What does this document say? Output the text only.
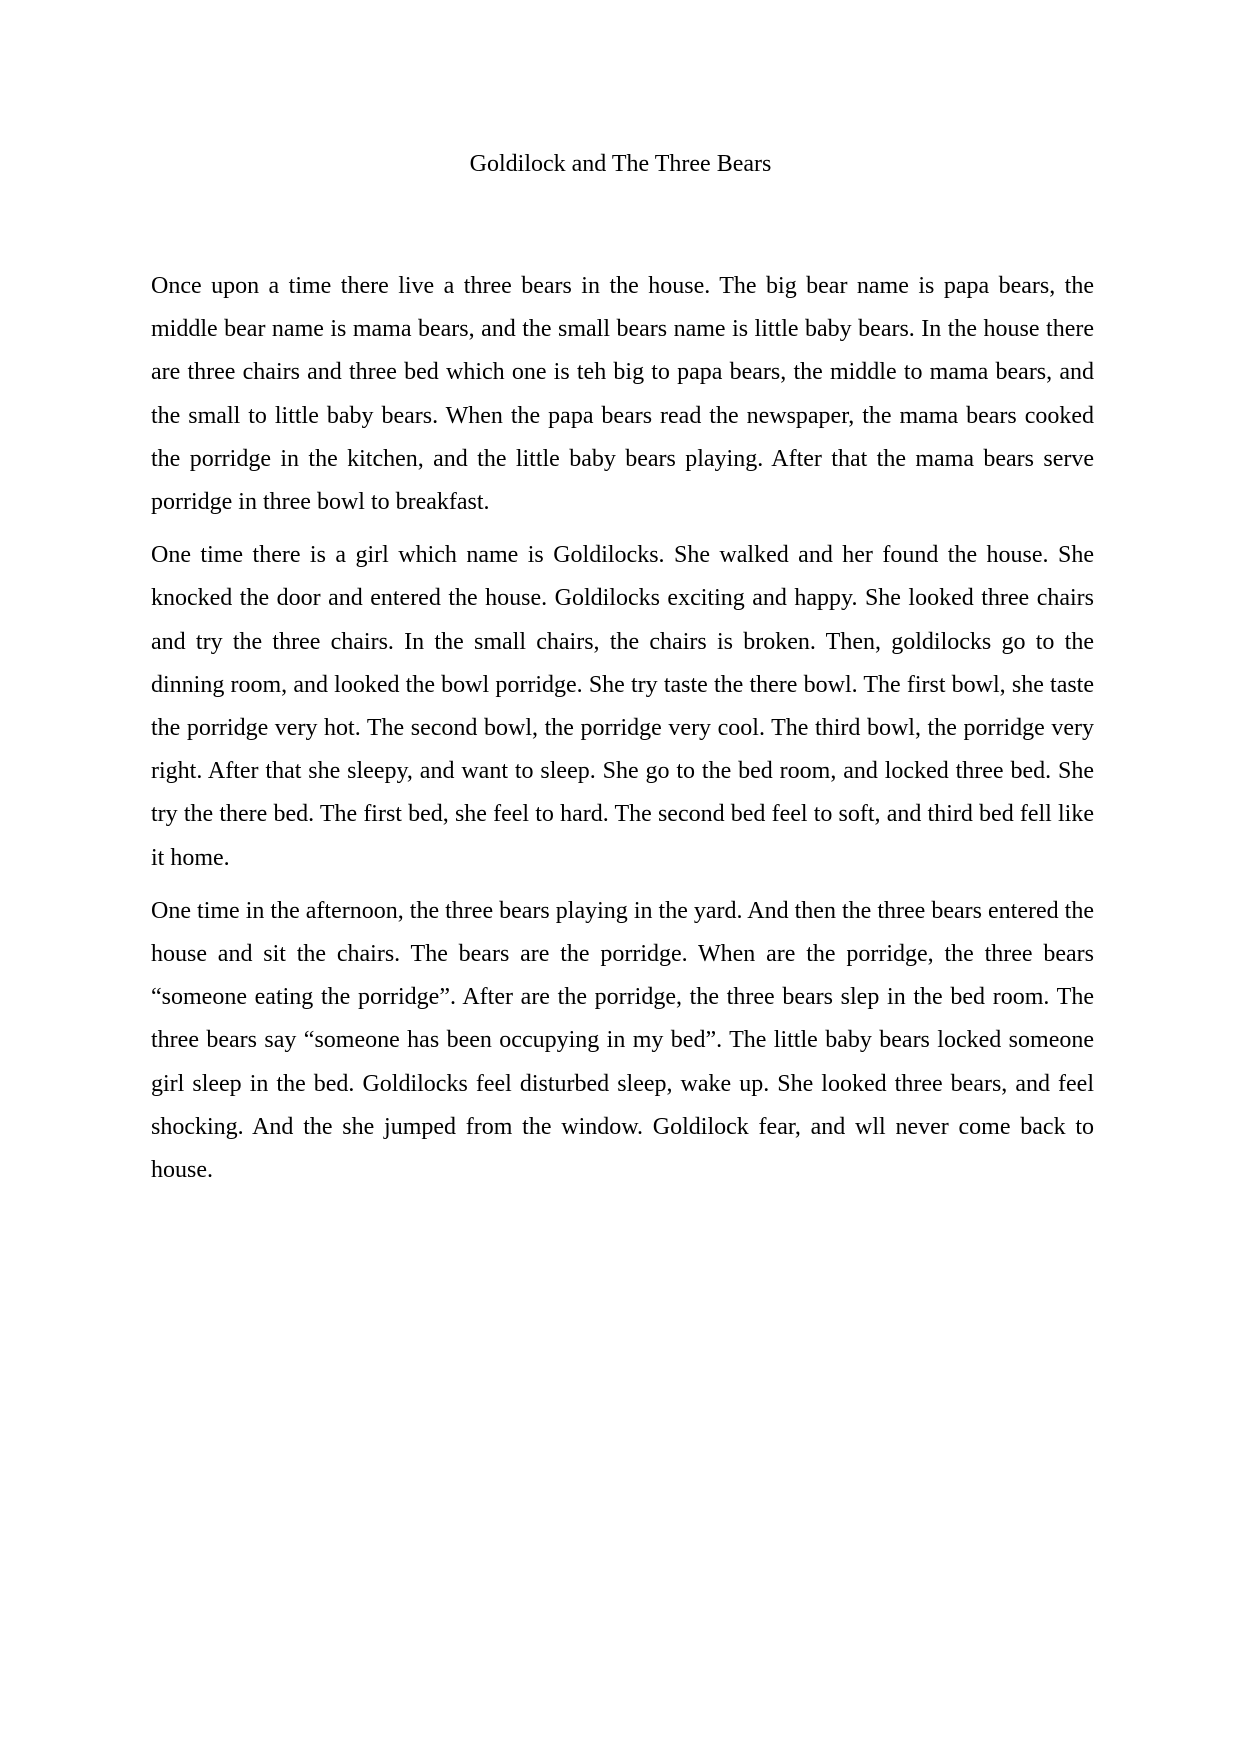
Goldilock and The Three Bears

Once upon a time there live a three bears in the house. The big bear name is papa bears, the middle bear name is mama bears, and the small bears name is little baby bears. In the house there are three chairs and three bed which one is teh big to papa bears, the middle to mama bears, and the small to little baby bears. When the papa bears read the newspaper, the mama bears cooked the porridge in the kitchen, and the little baby bears playing. After that the mama bears serve porridge in three bowl to breakfast.

One time there is a girl which name is Goldilocks. She walked and her found the house. She knocked the door and entered the house. Goldilocks exciting and happy. She looked three chairs and try the three chairs. In the small chairs, the chairs is broken. Then, goldilocks go to the dinning room, and looked the bowl porridge. She try taste the there bowl. The first bowl, she taste the porridge very hot. The second bowl, the porridge very cool. The third bowl, the porridge very right. After that she sleepy, and want to sleep. She go to the bed room, and locked three bed. She try the there bed. The first bed, she feel to hard. The second bed feel to soft, and third bed fell like it home.

One time in the afternoon, the three bears playing in the yard. And then the three bears entered the house and sit the chairs. The bears are the porridge. When are the porridge, the three bears “someone eating the porridge”. After are the porridge, the three bears slep in the bed room. The three bears say “someone has been occupying in my bed”. The little baby bears locked someone girl sleep in the bed. Goldilocks feel disturbed sleep, wake up. She looked three bears, and feel shocking. And the she jumped from the window. Goldilock fear, and wll never come back to house.
